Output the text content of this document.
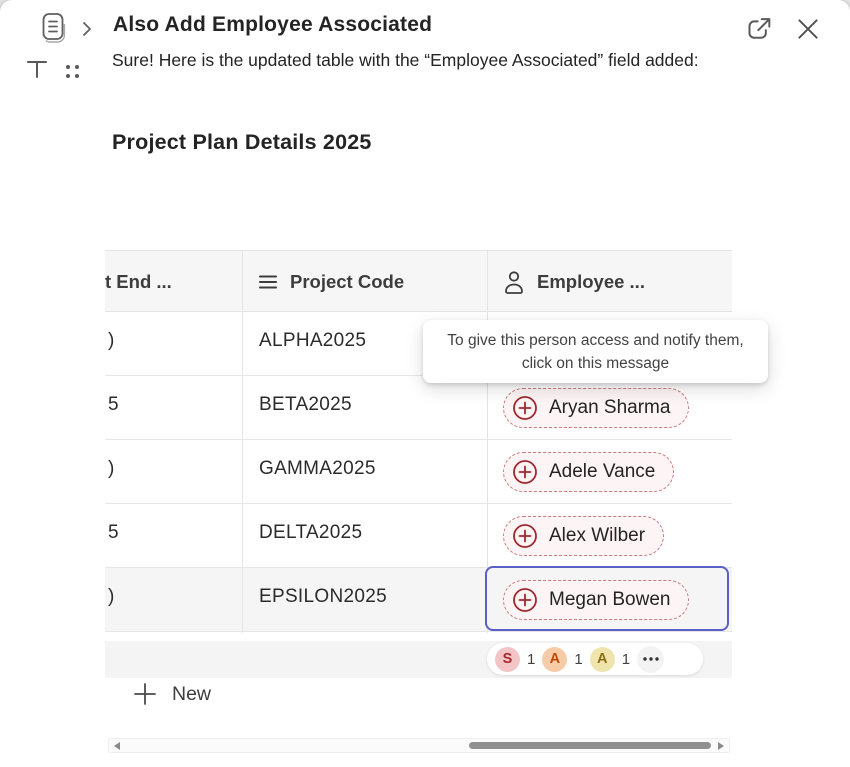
Also Add Employee Associated
Sure! Here is the updated table with the “Employee Associated” field added:
Project Plan Details 2025
t End ...	Project Code	Employee ...
)	ALPHA2025
5	BETA2025	Aryan Sharma
)	GAMMA2025	Adele Vance
5	DELTA2025	Alex Wilber
)	EPSILON2025	Megan Bowen
To give this person access and notify them, click on this message
S 1 A 1 A 1
New
